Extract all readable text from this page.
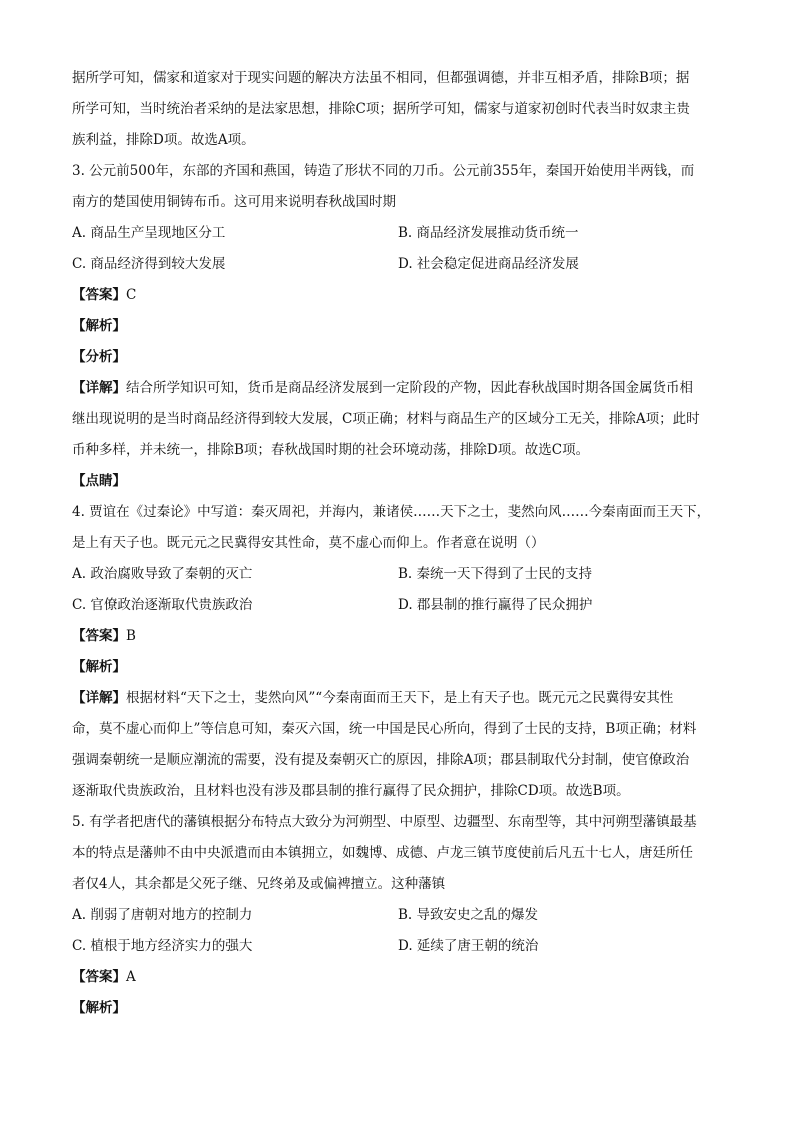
据所学可知，儒家和道家对于现实问题的解决方法虽不相同，但都强调德，并非互相矛盾，排除B项；据
所学可知，当时统治者采纳的是法家思想，排除C项；据所学可知，儒家与道家初创时代表当时奴隶主贵
族利益，排除D项。故选A项。
3. 公元前500年，东部的齐国和燕国，铸造了形状不同的刀币。公元前355年，秦国开始使用半两钱，而
南方的楚国使用铜铸布币。这可用来说明春秋战国时期
A. 商品生产呈现地区分工	B. 商品经济发展推动货币统一
C. 商品经济得到较大发展	D. 社会稳定促进商品经济发展
【答案】C
【解析】
【分析】
【详解】结合所学知识可知，货币是商品经济发展到一定阶段的产物，因此春秋战国时期各国金属货币相
继出现说明的是当时商品经济得到较大发展，C项正确；材料与商品生产的区域分工无关，排除A项；此时
币种多样，并未统一，排除B项；春秋战国时期的社会环境动荡，排除D项。故选C项。
【点睛】
4. 贾谊在《过秦论》中写道：秦灭周祀，并海内，兼诸侯……天下之士，斐然向风……今秦南面而王天下，
是上有天子也。既元元之民冀得安其性命，莫不虚心而仰上。作者意在说明（）
A. 政治腐败导致了秦朝的灭亡	B. 秦统一天下得到了士民的支持
C. 官僚政治逐渐取代贵族政治	D. 郡县制的推行赢得了民众拥护
【答案】B
【解析】
【详解】根据材料“天下之士，斐然向风”“今秦南面而王天下，是上有天子也。既元元之民冀得安其性
命，莫不虚心而仰上”等信息可知，秦灭六国，统一中国是民心所向，得到了士民的支持，B项正确；材料
强调秦朝统一是顺应潮流的需要，没有提及秦朝灭亡的原因，排除A项；郡县制取代分封制，使官僚政治
逐渐取代贵族政治，且材料也没有涉及郡县制的推行赢得了民众拥护，排除CD项。故选B项。
5. 有学者把唐代的藩镇根据分布特点大致分为河朔型、中原型、边疆型、东南型等，其中河朔型藩镇最基
本的特点是藩帅不由中央派遣而由本镇拥立，如魏博、成德、卢龙三镇节度使前后凡五十七人，唐廷所任
者仅4人，其余都是父死子继、兄终弟及或偏裨擅立。这种藩镇
A. 削弱了唐朝对地方的控制力	B. 导致安史之乱的爆发
C. 植根于地方经济实力的强大	D. 延续了唐王朝的统治
【答案】A
【解析】
